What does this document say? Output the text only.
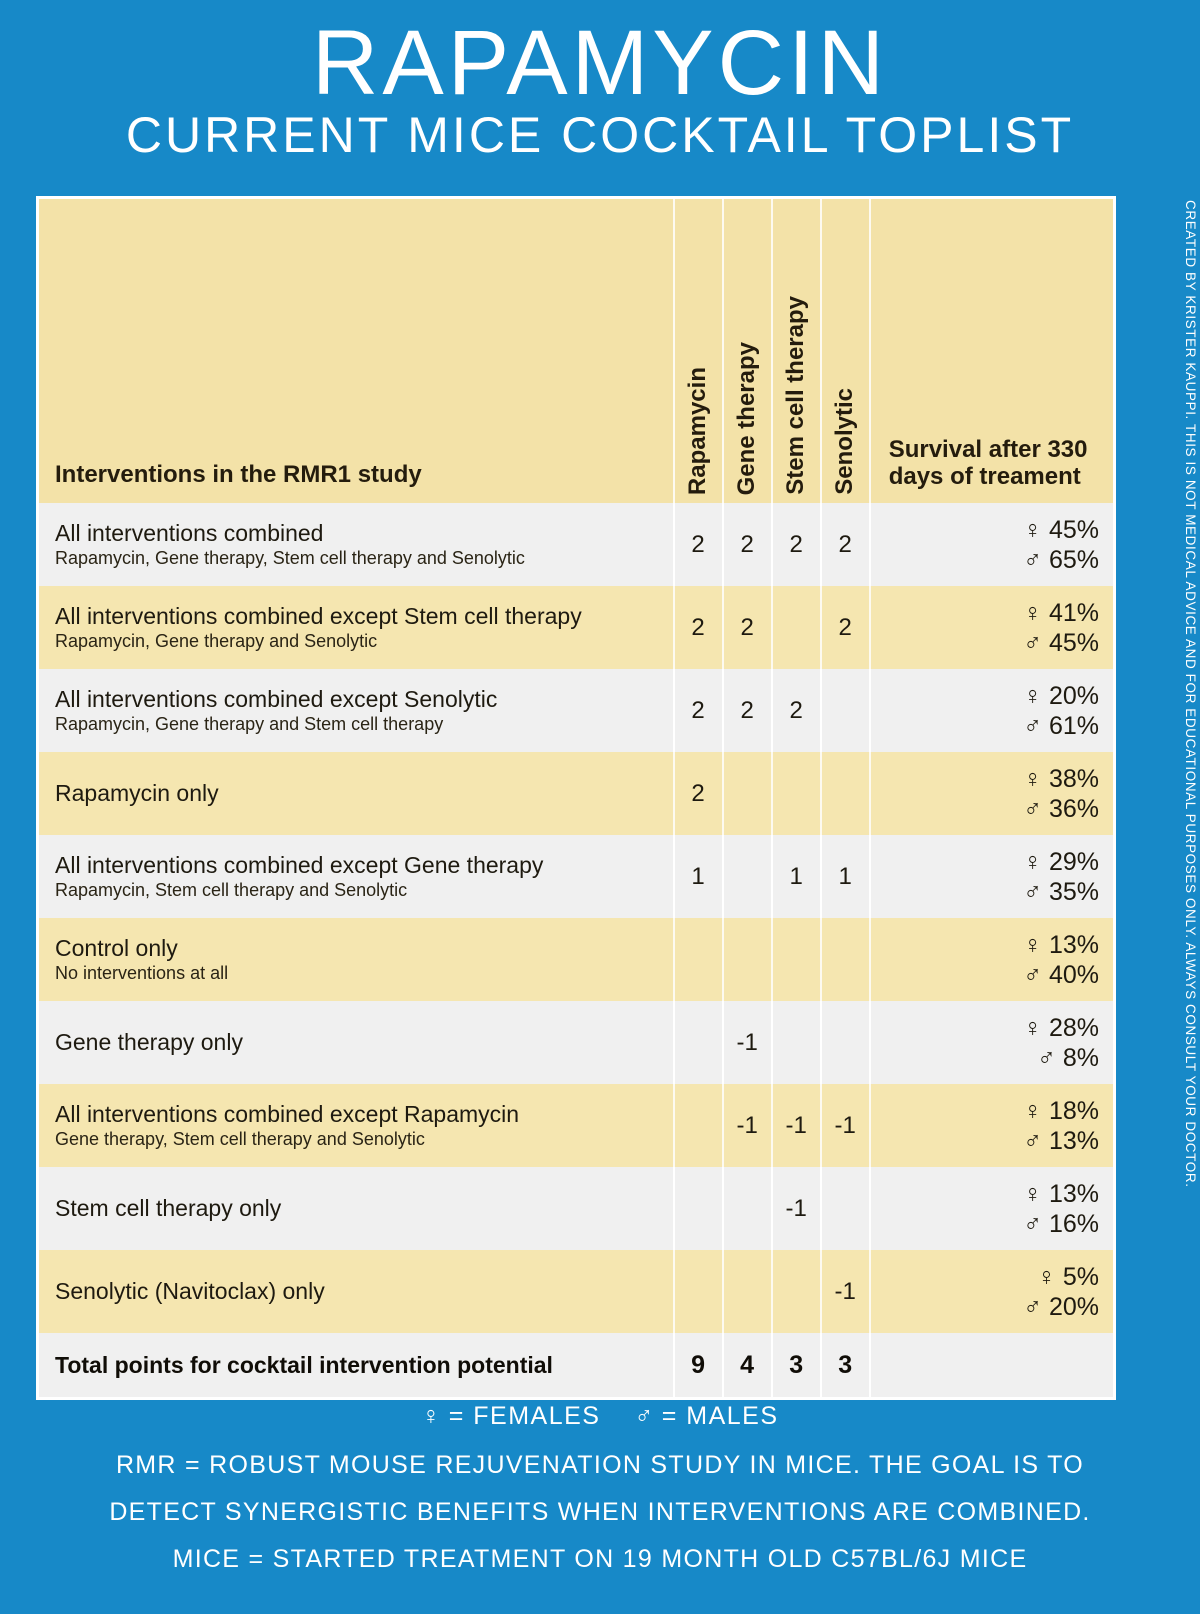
RAPAMYCIN
CURRENT MICE COCKTAIL TOPLIST
Interventions in the RMR1 study	Rapamycin	Gene therapy	Stem cell therapy	Senolytic	Survival after 330
days of treament

All interventions combined
Rapamycin, Gene therapy, Stem cell therapy and Senolytic	2	2	2	2	♀ 45%
♂ 65%

All interventions combined except Stem cell therapy
Rapamycin, Gene therapy and Senolytic	2	2		2	♀ 41%
♂ 45%

All interventions combined except Senolytic
Rapamycin, Gene therapy and Stem cell therapy	2	2	2		♀ 20%
♂ 61%

Rapamycin only	2				♀ 38%
♂ 36%

All interventions combined except Gene therapy
Rapamycin, Stem cell therapy and Senolytic	1		1	1	♀ 29%
♂ 35%

Control only
No interventions at all					♀ 13%
♂ 40%

Gene therapy only		-1			♀ 28%
♂ 8%

All interventions combined except Rapamycin
Gene therapy, Stem cell therapy and Senolytic		-1	-1	-1	♀ 18%
♂ 13%

Stem cell therapy only			-1		♀ 13%
♂ 16%

Senolytic (Navitoclax) only				-1	♀ 5%
♂ 20%

Total points for cocktail intervention potential	9	4	3	3	
CREATED BY KRISTER KAUPPI. THIS IS NOT MEDICAL ADVICE AND FOR EDUCATIONAL PURPOSES ONLY. ALWAYS CONSULT YOUR DOCTOR.
♀ = FEMALES ♂ = MALES
RMR = ROBUST MOUSE REJUVENATION STUDY IN MICE. THE GOAL IS TO
DETECT SYNERGISTIC BENEFITS WHEN INTERVENTIONS ARE COMBINED.
MICE = STARTED TREATMENT ON 19 MONTH OLD C57BL/6J MICE
